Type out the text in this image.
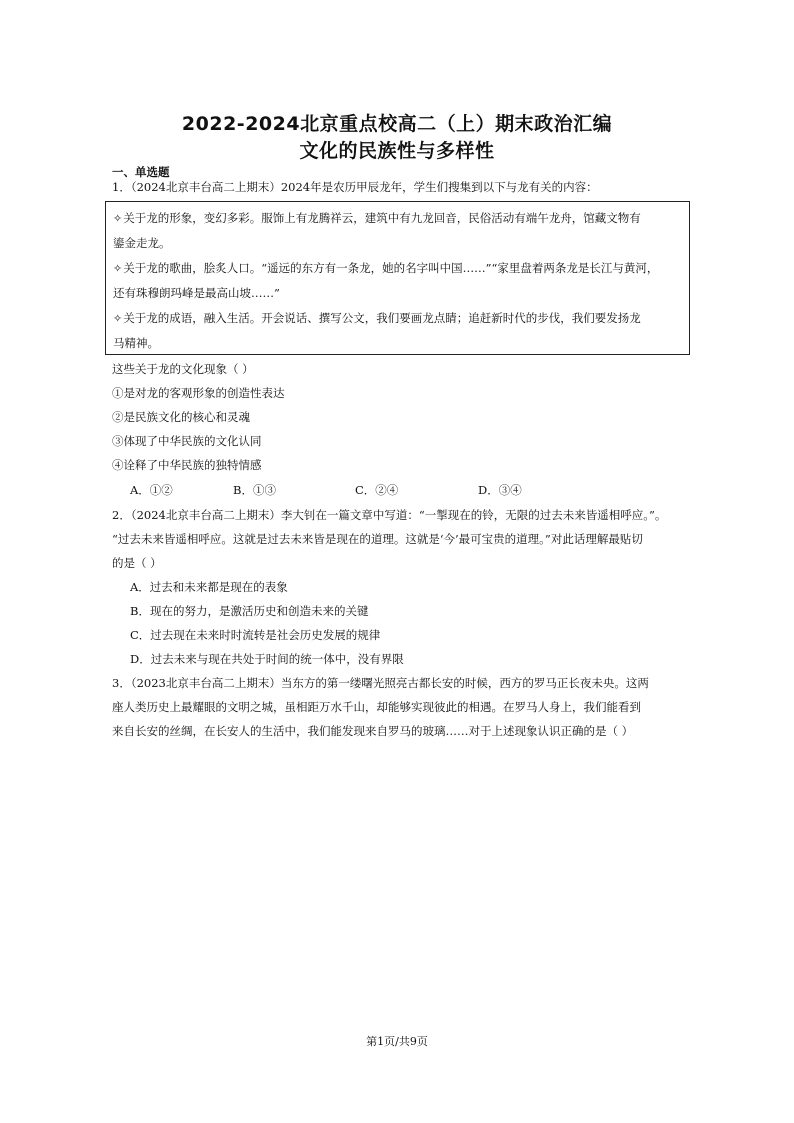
2022-2024北京重点校高二（上）期末政治汇编
文化的民族性与多样性
一、单选题
1．（2024北京丰台高二上期末）2024年是农历甲辰龙年，学生们搜集到以下与龙有关的内容：
✧关于龙的形象，变幻多彩。服饰上有龙腾祥云，建筑中有九龙回音，民俗活动有端午龙舟，馆藏文物有
鎏金走龙。
✧关于龙的歌曲，脍炙人口。“遥远的东方有一条龙，她的名字叫中国……”“家里盘着两条龙是长江与黄河，
还有珠穆朗玛峰是最高山坡……”
✧关于龙的成语，融入生活。开会说话、撰写公文，我们要画龙点睛；追赶新时代的步伐，我们要发扬龙
马精神。
这些关于龙的文化现象（ ）
①是对龙的客观形象的创造性表达
②是民族文化的核心和灵魂
③体现了中华民族的文化认同
④诠释了中华民族的独特情感
A．①②	B．①③	C．②④	D．③④
2．（2024北京丰台高二上期末）李大钊在一篇文章中写道：“一掣现在的铃，无限的过去未来皆遥相呼应。”。
“过去未来皆遥相呼应。这就是过去未来皆是现在的道理。这就是‘今’最可宝贵的道理。”对此话理解最贴切
的是（ ）
A．过去和未来都是现在的表象
B．现在的努力，是激活历史和创造未来的关键
C．过去现在未来时时流转是社会历史发展的规律
D．过去未来与现在共处于时间的统一体中，没有界限
3．（2023北京丰台高二上期末）当东方的第一缕曙光照亮古都长安的时候，西方的罗马正长夜未央。这两
座人类历史上最耀眼的文明之城，虽相距万水千山，却能够实现彼此的相遇。在罗马人身上，我们能看到
来自长安的丝绸，在长安人的生活中，我们能发现来自罗马的玻璃……对于上述现象认识正确的是（ ）
第1页/共9页
